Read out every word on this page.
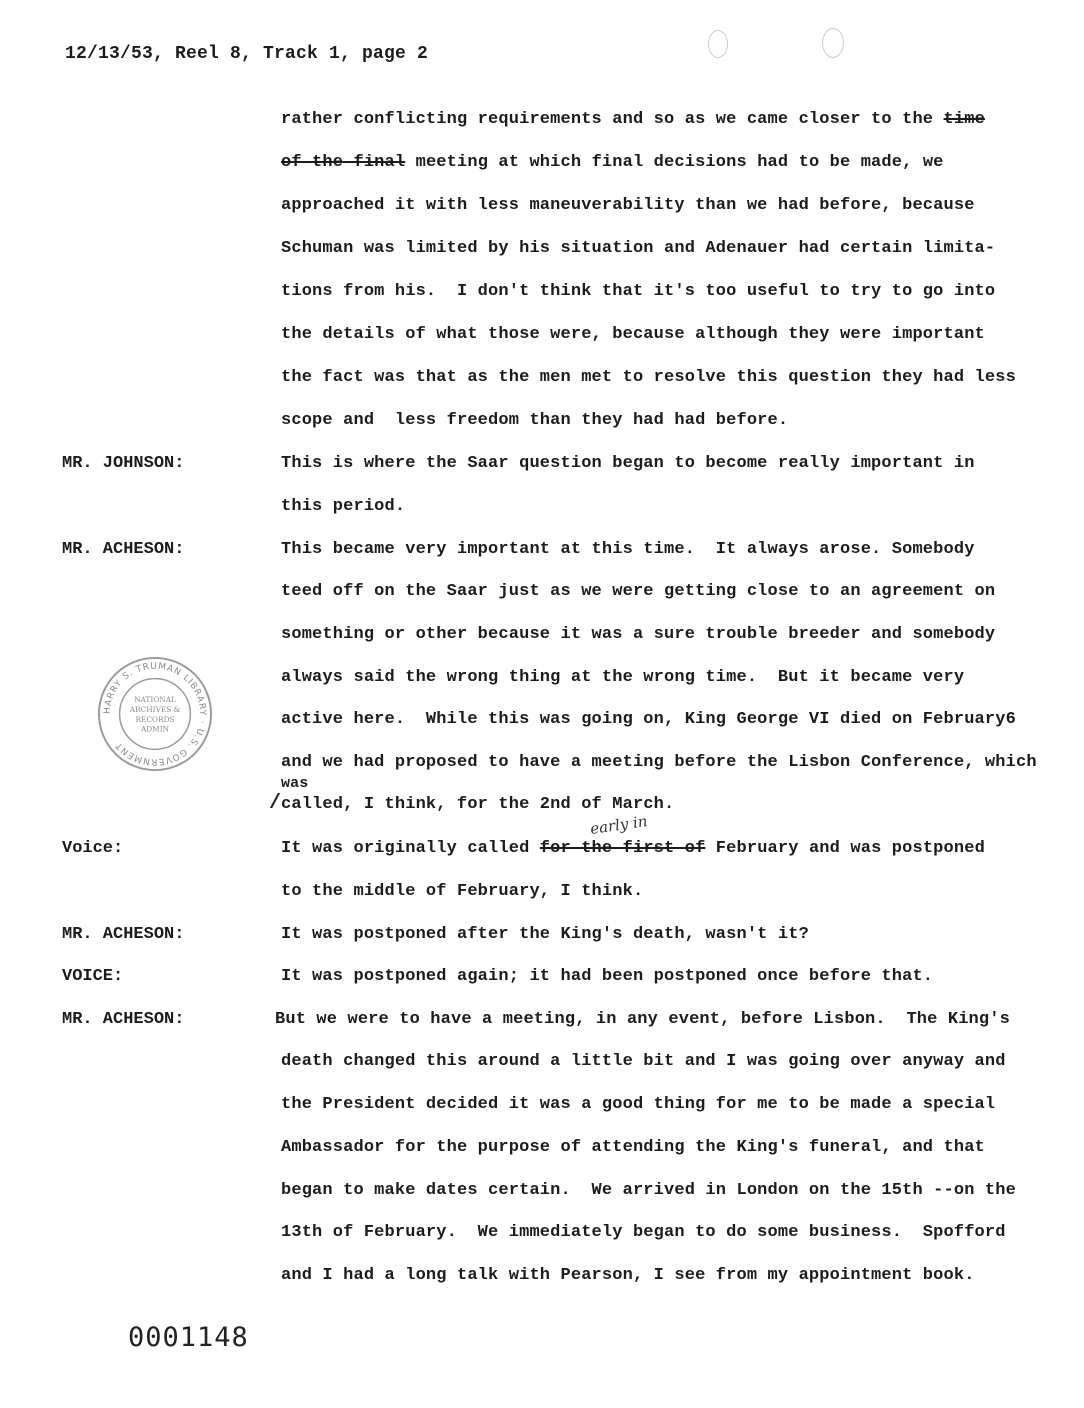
12/13/53, Reel 8, Track 1, page 2
rather conflicting requirements and so as we came closer to the time
of the final meeting at which final decisions had to be made, we
approached it with less maneuverability than we had before, because
Schuman was limited by his situation and Adenauer had certain limita-
tions from his.  I don't think that it's too useful to try to go into
the details of what those were, because although they were important
the fact was that as the men met to resolve this question they had less
scope and  less freedom than they had had before.
MR. JOHNSON:	This is where the Saar question began to become really important in
this period.
MR. ACHESON:	This became very important at this time.  It always arose. Somebody
teed off on the Saar just as we were getting close to an agreement on
something or other because it was a sure trouble breeder and somebody
always said the wrong thing at the wrong time.  But it became very
active here.  While this was going on, King George VI died on February6
and we had proposed to have a meeting before the Lisbon Conference, which
was
/ called, I think, for the 2nd of March.
early in
Voice:	It was originally called for the first of February and was postponed
to the middle of February, I think.
MR. ACHESON:	It was postponed after the King's death, wasn't it?
VOICE:	It was postponed again; it had been postponed once before that.
MR. ACHESON:	But we were to have a meeting, in any event, before Lisbon.  The King's
death changed this around a little bit and I was going over anyway and
the President decided it was a good thing for me to be made a special
Ambassador for the purpose of attending the King's funeral, and that
began to make dates certain.  We arrived in London on the 15th --on the
13th of February.  We immediately began to do some business.  Spofford
and I had a long talk with Pearson, I see from my appointment book.
HARRY S. TRUMAN LIBRARY · U.S. GOVERNMENT
NATIONAL
ARCHIVES &
RECORDS
ADMIN
0001148
